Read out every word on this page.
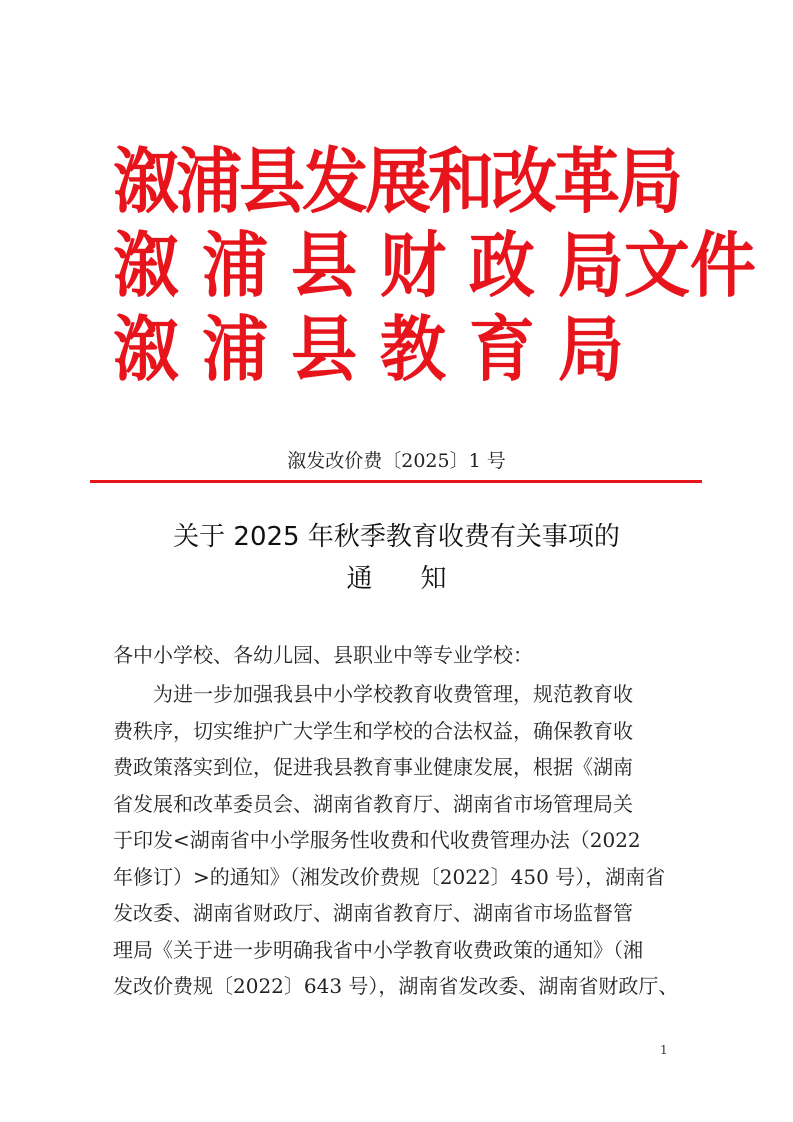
溆浦县发展和改革局
溆 浦 县 财 政 局文件
溆 浦 县 教 育 局
溆发改价费〔2025〕1 号
关于 2025 年秋季教育收费有关事项的
通知
各中小学校、各幼儿园、县职业中等专业学校：
为进一步加强我县中小学校教育收费管理，规范教育收
费秩序，切实维护广大学生和学校的合法权益，确保教育收
费政策落实到位，促进我县教育事业健康发展，根据《湖南
省发展和改革委员会、湖南省教育厅、湖南省市场管理局关
于印发<湖南省中小学服务性收费和代收费管理办法（2022
年修订）>的通知》（湘发改价费规〔2022〕450 号），湖南省
发改委、湖南省财政厅、湖南省教育厅、湖南省市场监督管
理局《关于进一步明确我省中小学教育收费政策的通知》（湘
发改价费规〔2022〕643 号），湖南省发改委、湖南省财政厅、
1
